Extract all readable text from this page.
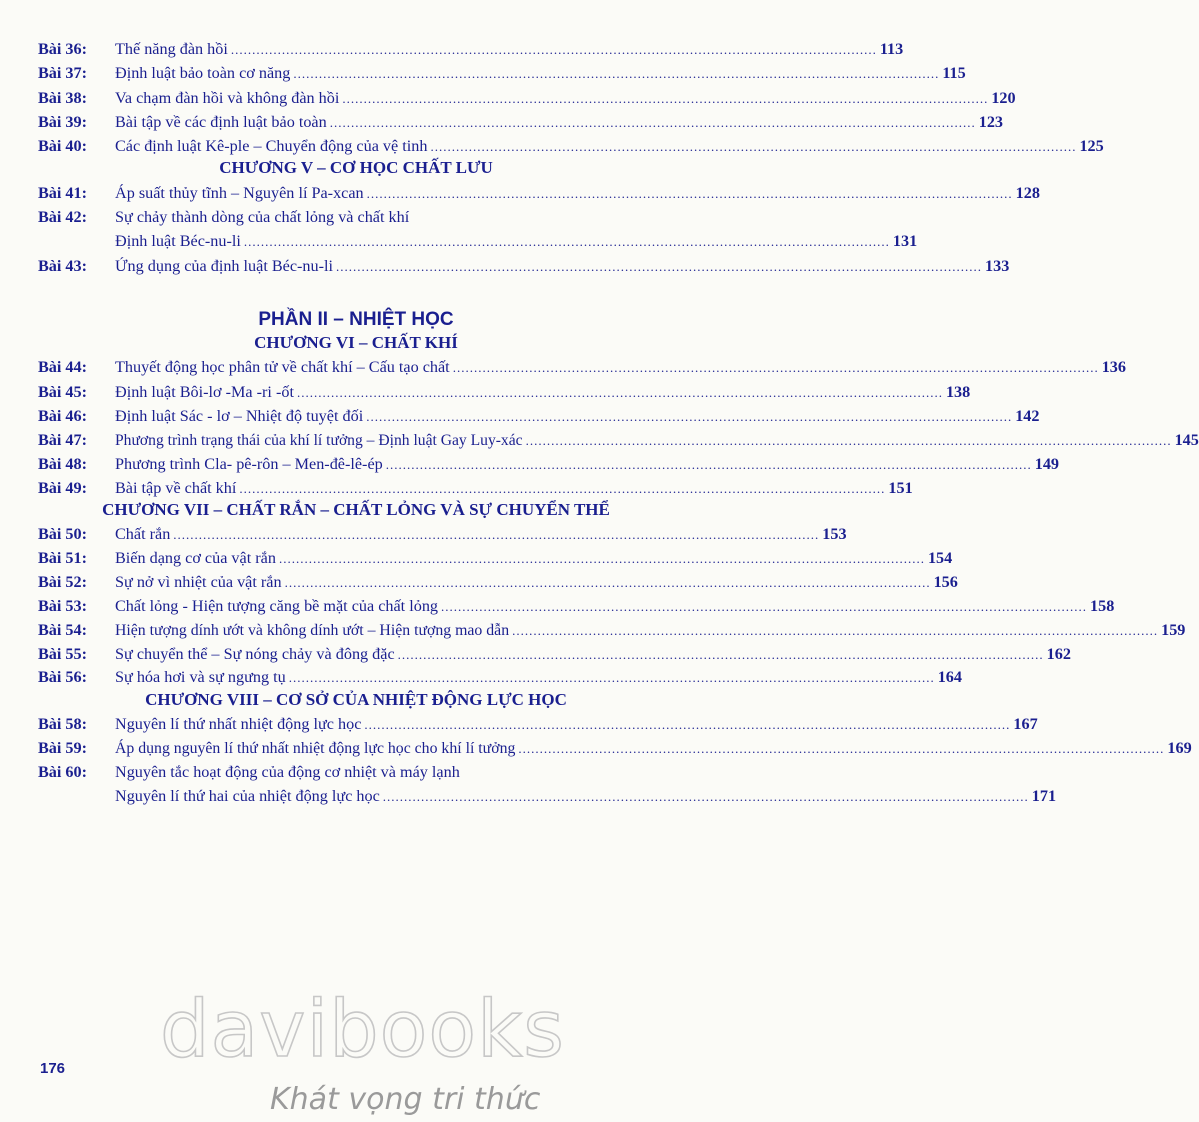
Bài 36: Thế năng đàn hồi ........................................................................................................................................................ 113
Bài 37: Định luật bảo toàn cơ năng ........................................................................................................................................................ 115
Bài 38: Va chạm đàn hồi và không đàn hồi ........................................................................................................................................................ 120
Bài 39: Bài tập về các định luật bảo toàn ........................................................................................................................................................ 123
Bài 40: Các định luật Kê-ple – Chuyển động của vệ tinh ........................................................................................................................................................ 125
CHƯƠNG V – CƠ HỌC CHẤT LƯU
Bài 41: Áp suất thủy tĩnh – Nguyên lí Pa-xcan ........................................................................................................................................................ 128
Bài 42: Sự chảy thành dòng của chất lỏng và chất khí
Định luật Béc-nu-li ........................................................................................................................................................ 131
Bài 43: Ứng dụng của định luật Béc-nu-li ........................................................................................................................................................ 133
PHẦN II – NHIỆT HỌC
CHƯƠNG VI – CHẤT KHÍ
Bài 44: Thuyết động học phân tử về chất khí – Cấu tạo chất ........................................................................................................................................................ 136
Bài 45: Định luật Bôi-lơ -Ma -ri -ốt ........................................................................................................................................................ 138
Bài 46: Định luật Sác - lơ – Nhiệt độ tuyệt đối ........................................................................................................................................................ 142
Bài 47: Phương trình trạng thái của khí lí tưởng – Định luật Gay Luy-xác ........................................................................................................................................................ 145
Bài 48: Phương trình Cla- pê-rôn – Men-đê-lê-ép ........................................................................................................................................................ 149
Bài 49: Bài tập về chất khí ........................................................................................................................................................ 151
CHƯƠNG VII – CHẤT RẮN – CHẤT LỎNG VÀ SỰ CHUYỂN THỂ
Bài 50: Chất rắn ........................................................................................................................................................ 153
Bài 51: Biến dạng cơ của vật rắn ........................................................................................................................................................ 154
Bài 52: Sự nở vì nhiệt của vật rắn ........................................................................................................................................................ 156
Bài 53: Chất lỏng - Hiện tượng căng bề mặt của chất lỏng ........................................................................................................................................................ 158
Bài 54: Hiện tượng dính ướt và không dính ướt – Hiện tượng mao dẫn ........................................................................................................................................................ 159
Bài 55: Sự chuyển thể – Sự nóng chảy và đông đặc ........................................................................................................................................................ 162
Bài 56: Sự hóa hơi và sự ngưng tụ ........................................................................................................................................................ 164
CHƯƠNG VIII – CƠ SỞ CỦA NHIỆT ĐỘNG LỰC HỌC
Bài 58: Nguyên lí thứ nhất nhiệt động lực học ........................................................................................................................................................ 167
Bài 59: Áp dụng nguyên lí thứ nhất nhiệt động lực học cho khí lí tưởng ........................................................................................................................................................ 169
Bài 60: Nguyên tắc hoạt động của động cơ nhiệt và máy lạnh
Nguyên lí thứ hai của nhiệt động lực học ........................................................................................................................................................ 171
176 davibooks
Khát vọng tri thức
